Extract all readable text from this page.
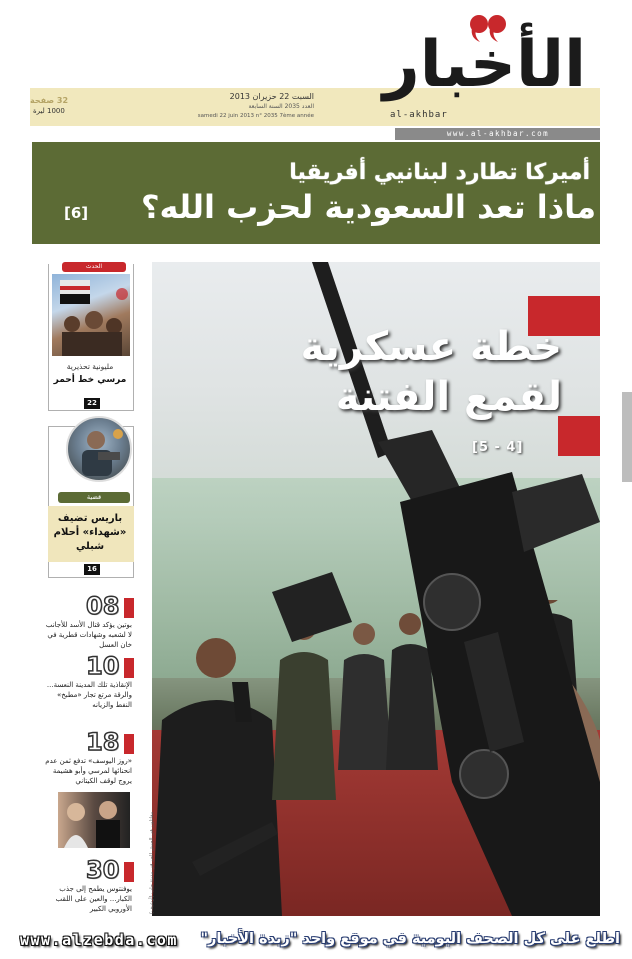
الأخبار
al-akhbar
السبت 22 حزيران 2013
العدد 2035 السنة السابعة
samedi 22 juin 2013 n° 2035 7ème année
32 صفحة
1000 ليرة
www.al-akhbar.com
أميركا تطارد لبنانيي أفريقيا
ماذا تعد السعودية لحزب الله؟
[6]
الحدث
مليونية تحذيرية
مرسي خط أحمر
22
قضية
باريس تضيف «شهداء» أحلام شبلي
16
08
بوتين يؤكد قتال الأسد للأجانب لا لشعبه وشهادات قطرية في خان العسل
10
الإنقاذية تلك المدينة النعسة... والرقة مرتع تجار «مطبخ» النفط والزيانه
18
«روز اليوسف» تدفع ثمن عدم انحنائها لمرسي وأبو هشيمة يروج لوقف الكيتاني
30
يوفنتوس يطمح إلى جذب الكبار... والعين على اللقب الأوروبي الكبير
خطة عسكرية
لقمع الفتنة
[5 - 4]
مقاتلون في الجيش الحر في مدينة حلب (أرشيف)
اطلع على كل الصحف اليومية في موقع واحد "زبدة الأخبار"
www.alzebda.com
